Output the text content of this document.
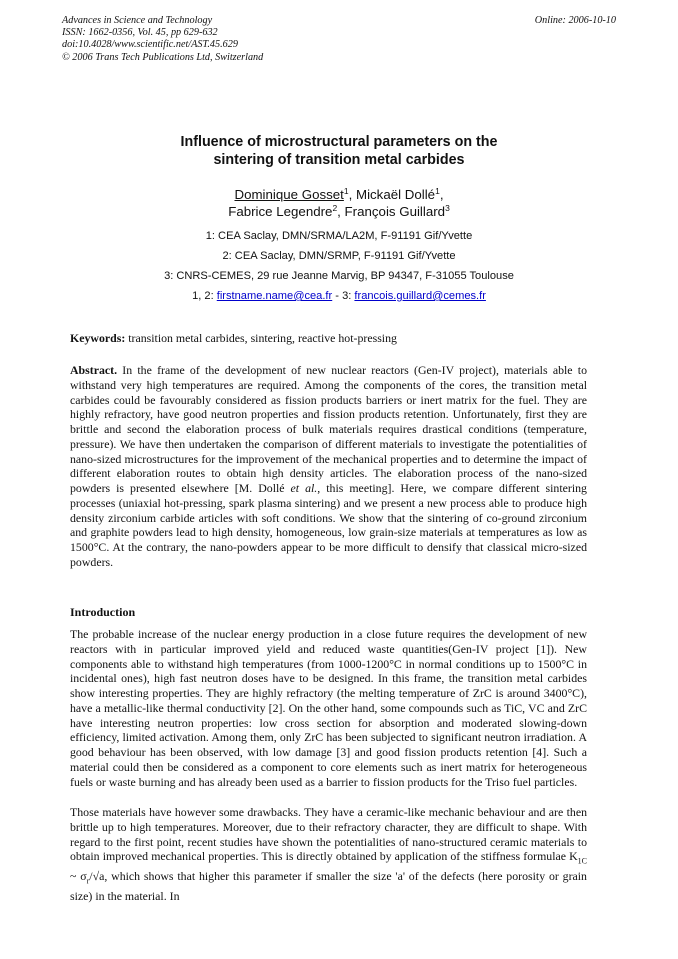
Advances in Science and Technology
ISSN: 1662-0356, Vol. 45, pp 629-632
doi:10.4028/www.scientific.net/AST.45.629
© 2006 Trans Tech Publications Ltd, Switzerland
Online: 2006-10-10
Influence of microstructural parameters on the
sintering of transition metal carbides
Dominique Gosset$^1$, Mickaël Dollé$^1$,
Fabrice Legendre$^2$, François Guillard$^3$
1: CEA Saclay, DMN/SRMA/LA2M, F-91191 Gif/Yvette
2: CEA Saclay, DMN/SRMP, F-91191 Gif/Yvette
3: CNRS-CEMES, 29 rue Jeanne Marvig, BP 94347, F-31055 Toulouse
1, 2: firstname.name@cea.fr - 3: francois.guillard@cemes.fr
Keywords: transition metal carbides, sintering, reactive hot-pressing
Abstract. In the frame of the development of new nuclear reactors (Gen-IV project), materials able to withstand very high temperatures are required. Among the components of the cores, the transition metal carbides could be favourably considered as fission products barriers or inert matrix for the fuel. They are highly refractory, have good neutron properties and fission products retention. Unfortunately, first they are brittle and second the elaboration process of bulk materials requires drastical conditions (temperature, pressure). We have then undertaken the comparison of different materials to investigate the potentialities of nano-sized microstructures for the improvement of the mechanical properties and to determine the impact of different elaboration routes to obtain high density articles. The elaboration process of the nano-sized powders is presented elsewhere [M. Dollé et al., this meeting]. Here, we compare different sintering processes (uniaxial hot-pressing, spark plasma sintering) and we present a new process able to produce high density zirconium carbide articles with soft conditions. We show that the sintering of co-ground zirconium and graphite powders lead to high density, homogeneous, low grain-size materials at temperatures as low as 1500°C. At the contrary, the nano-powders appear to be more difficult to densify that classical micro-sized powders.
Introduction
The probable increase of the nuclear energy production in a close future requires the development of new reactors with in particular improved yield and reduced waste quantities(Gen-IV project [1]). New components able to withstand high temperatures (from 1000-1200°C in normal conditions up to 1500°C in incidental ones), high fast neutron doses have to be designed. In this frame, the transition metal carbides show interesting properties. They are highly refractory (the melting temperature of ZrC is around 3400°C), have a metallic-like thermal conductivity [2]. On the other hand, some compounds such as TiC, VC and ZrC have interesting neutron properties: low cross section for absorption and moderated slowing-down efficiency, limited activation. Among them, only ZrC has been subjected to significant neutron irradiation. A good behaviour has been observed, with low damage [3] and good fission products retention [4]. Such a material could then be considered as a component to core elements such as inert matrix for heterogeneous fuels or waste burning and has already been used as a barrier to fission products for the Triso fuel particles.
Those materials have however some drawbacks. They have a ceramic-like mechanic behaviour and are then brittle up to high temperatures. Moreover, due to their refractory character, they are difficult to shape. With regard to the first point, recent studies have shown the potentialities of nano-structured ceramic materials to obtain improved mechanical properties. This is directly obtained by application of the stiffness formulae $K_{1C}$ ~ $\sigma_r/√a$, which shows that higher this parameter if smaller the size 'a' of the defects (here porosity or grain size) in the material. In
